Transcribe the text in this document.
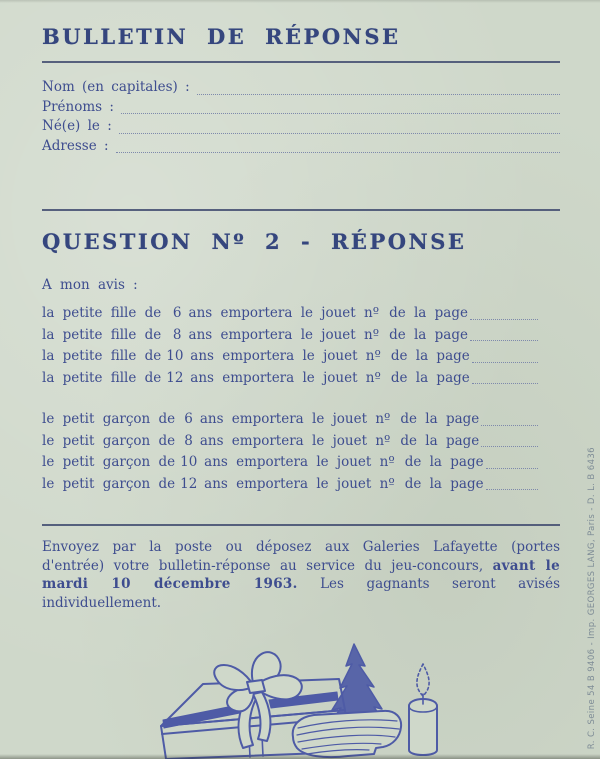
BULLETIN DE RÉPONSE
Nom (en capitales) :
Prénoms :
Né(e) le :
Adresse :
QUESTION Nº 2 - RÉPONSE

A mon avis :

la petite fille de 6 ans emportera le jouet nº de la page
la petite fille de 8 ans emportera le jouet nº de la page
la petite fille de 10 ans emportera le jouet nº de la page
la petite fille de 12 ans emportera le jouet nº de la page
le petit garçon de 6 ans emportera le jouet nº de la page
le petit garçon de 8 ans emportera le jouet nº de la page
le petit garçon de 10 ans emportera le jouet nº de la page
le petit garçon de 12 ans emportera le jouet nº de la page

Envoyez par la poste ou déposez aux Galeries Lafayette (portes d'entrée) votre bulletin-réponse au service du jeu-concours, avant le mardi 10 décembre 1963. Les gagnants seront avisés individuellement.	R. C. Seine 54 B 9406 - Imp. GEORGES LANG, Paris - D. L. B 6436
